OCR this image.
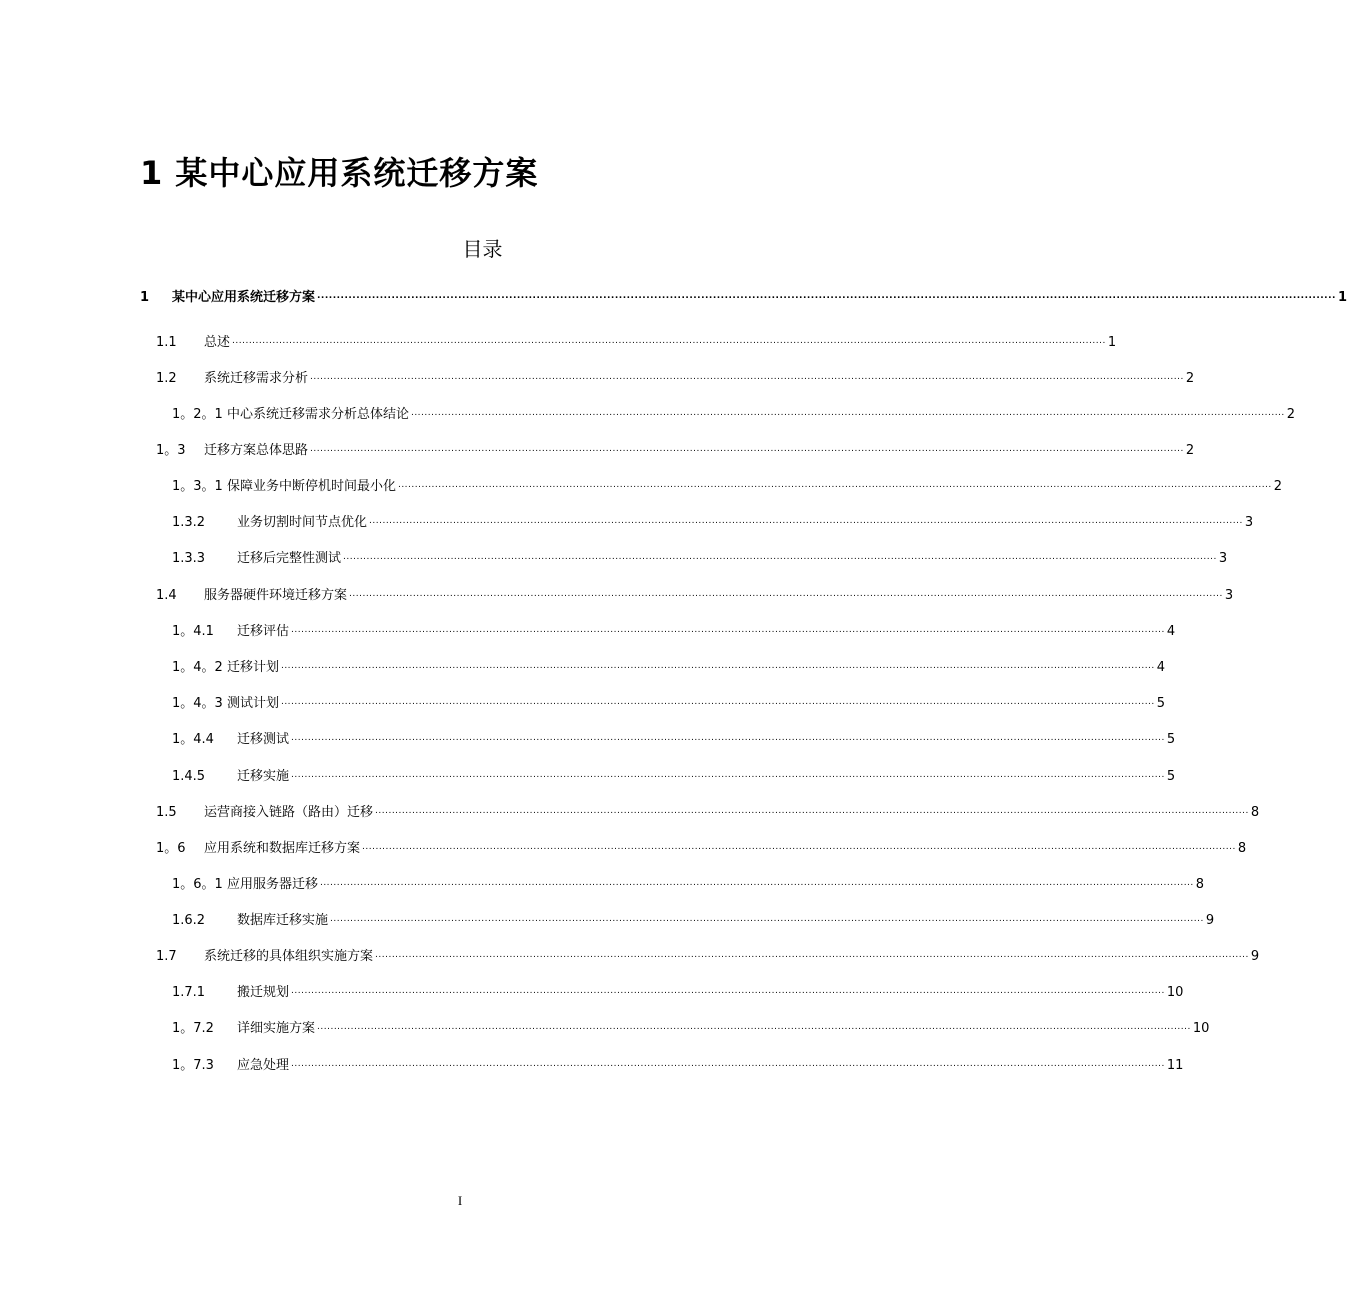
1 某中心应用系统迁移方案
目录
1 某中心应用系统迁移方案 .................................................................................................................................................................................................................................................................... 1
1.1 总述 .................................................................................................................................................................................................................................................................... 1
1.2 系统迁移需求分析 .................................................................................................................................................................................................................................................................... 2
1。2。1 中心系统迁移需求分析总体结论 .................................................................................................................................................................................................................................................................... 2
1。3 迁移方案总体思路 .................................................................................................................................................................................................................................................................... 2
1。3。1 保障业务中断停机时间最小化 .................................................................................................................................................................................................................................................................... 2
1.3.2 业务切割时间节点优化 .................................................................................................................................................................................................................................................................... 3
1.3.3 迁移后完整性测试 .................................................................................................................................................................................................................................................................... 3
1.4 服务器硬件环境迁移方案 .................................................................................................................................................................................................................................................................... 3
1。4.1 迁移评估 .................................................................................................................................................................................................................................................................... 4
1。4。2 迁移计划 .................................................................................................................................................................................................................................................................... 4
1。4。3 测试计划 .................................................................................................................................................................................................................................................................... 5
1。4.4 迁移测试 .................................................................................................................................................................................................................................................................... 5
1.4.5 迁移实施 .................................................................................................................................................................................................................................................................... 5
1.5 运营商接入链路（路由）迁移 .................................................................................................................................................................................................................................................................... 8
1。6 应用系统和数据库迁移方案 .................................................................................................................................................................................................................................................................... 8
1。6。1 应用服务器迁移 .................................................................................................................................................................................................................................................................... 8
1.6.2 数据库迁移实施 .................................................................................................................................................................................................................................................................... 9
1.7 系统迁移的具体组织实施方案 .................................................................................................................................................................................................................................................................... 9
1.7.1 搬迁规划 .................................................................................................................................................................................................................................................................... 10
1。7.2 详细实施方案 .................................................................................................................................................................................................................................................................... 10
1。7.3 应急处理 .................................................................................................................................................................................................................................................................... 11
I
